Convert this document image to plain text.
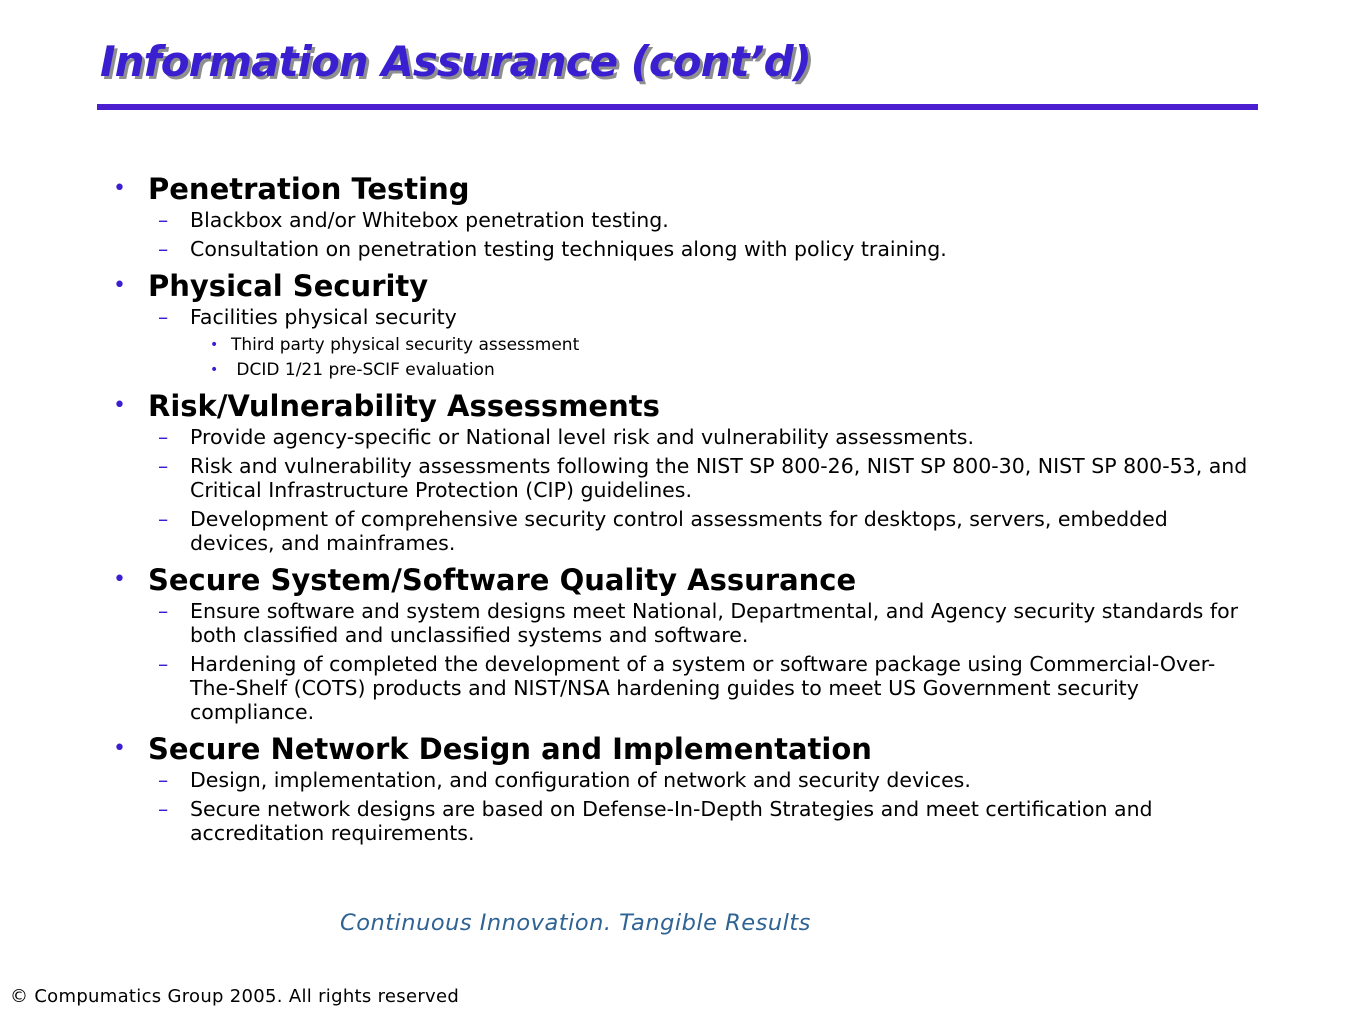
Information Assurance (cont’d)
• Penetration Testing
– Blackbox and/or Whitebox penetration testing.
– Consultation on penetration testing techniques along with policy training.
• Physical Security
– Facilities physical security
• Third party physical security assessment
• DCID 1/21 pre-SCIF evaluation
• Risk/Vulnerability Assessments
– Provide agency-specific or National level risk and vulnerability assessments.
– Risk and vulnerability assessments following the NIST SP 800-26, NIST SP 800-30, NIST SP 800-53, and Critical Infrastructure Protection (CIP) guidelines.
– Development of comprehensive security control assessments for desktops, servers, embedded devices, and mainframes.
• Secure System/Software Quality Assurance
– Ensure software and system designs meet National, Departmental, and Agency security standards for both classified and unclassified systems and software.
– Hardening of completed the development of a system or software package using Commercial-Over-The-Shelf (COTS) products and NIST/NSA hardening guides to meet US Government security compliance.
• Secure Network Design and Implementation
– Design, implementation, and configuration of network and security devices.
– Secure network designs are based on Defense-In-Depth Strategies and meet certification and accreditation requirements.
Continuous Innovation. Tangible Results
© Compumatics Group 2005. All rights reserved
